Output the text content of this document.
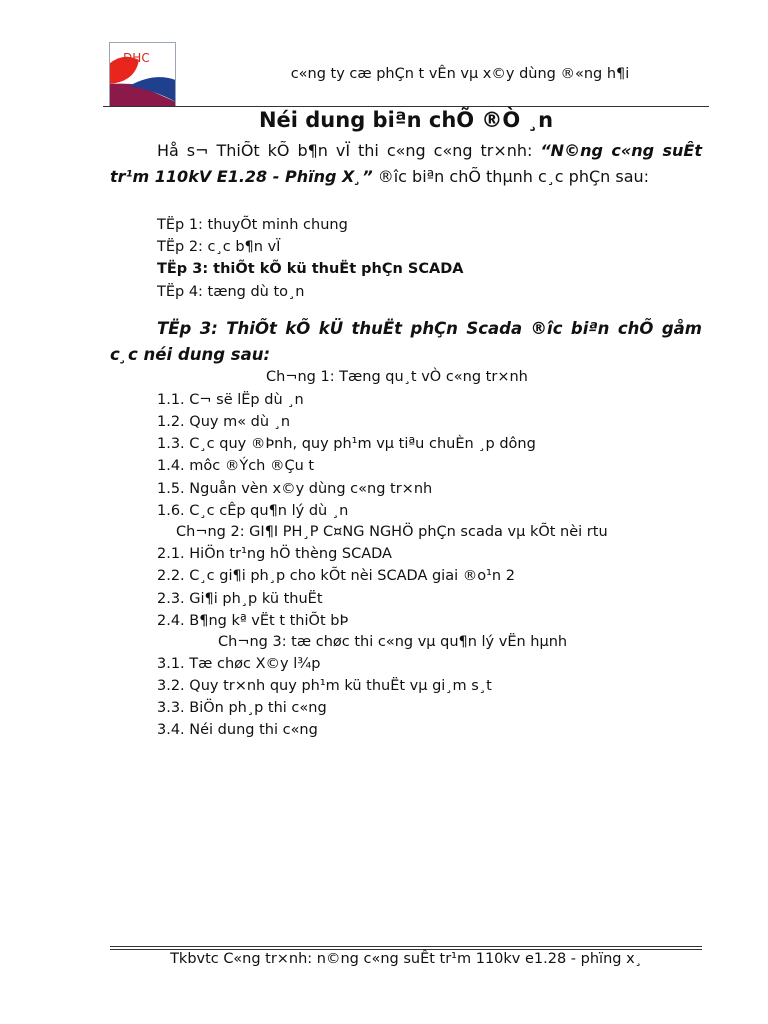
ĐHC
c«ng ty cæ phÇn t vÊn vµ x©y dùng ®«ng h¶i
Néi dung biªn chÕ ®Ò ¸n
Hå s¬ ThiÕt kÕ b¶n vÏ thi c«ng c«ng tr×nh: “N©ng c«ng suÊt tr¹m 110kV E1.28 - Phïng X¸” ®îc biªn chÕ thµnh c¸c phÇn sau:
TËp 1: thuyÕt minh chung
TËp 2: c¸c b¶n vÏ
TËp 3: thiÕt kÕ kü thuËt phÇn SCADA
TËp 4: tæng dù to¸n
TËp 3: ThiÕt kÕ kÜ thuËt phÇn Scada ®îc biªn chÕ gåm c¸c néi dung sau:
Ch¬ng 1: Tæng qu¸t vÒ c«ng tr×nh
1.1. C¬ së lËp dù ¸n
1.2. Quy m« dù ¸n
1.3. C¸c quy ®Þnh, quy ph¹m vµ tiªu chuÈn ¸p dông
1.4. môc ®Ých ®Çu t
1.5. Nguån vèn x©y dùng c«ng tr×nh
1.6. C¸c cÊp qu¶n lý dù ¸n
Ch¬ng 2: GI¶I PH¸P C¤NG NGHÖ phÇn scada vµ kÕt nèi rtu
2.1. HiÖn tr¹ng hÖ thèng SCADA
2.2. C¸c gi¶i ph¸p cho kÕt nèi SCADA giai ®o¹n 2
2.3. Gi¶i ph¸p kü thuËt
2.4. B¶ng kª vËt t thiÕt bÞ
Ch¬ng 3: tæ chøc thi c«ng vµ qu¶n lý vËn hµnh
3.1. Tæ chøc X©y l¾p
3.2. Quy tr×nh quy ph¹m kü thuËt vµ gi¸m s¸t
3.3. BiÖn ph¸p thi c«ng
3.4. Néi dung thi c«ng
Tkbvtc C«ng tr×nh: n©ng c«ng suÊt tr¹m 110kv e1.28 - phïng x¸
